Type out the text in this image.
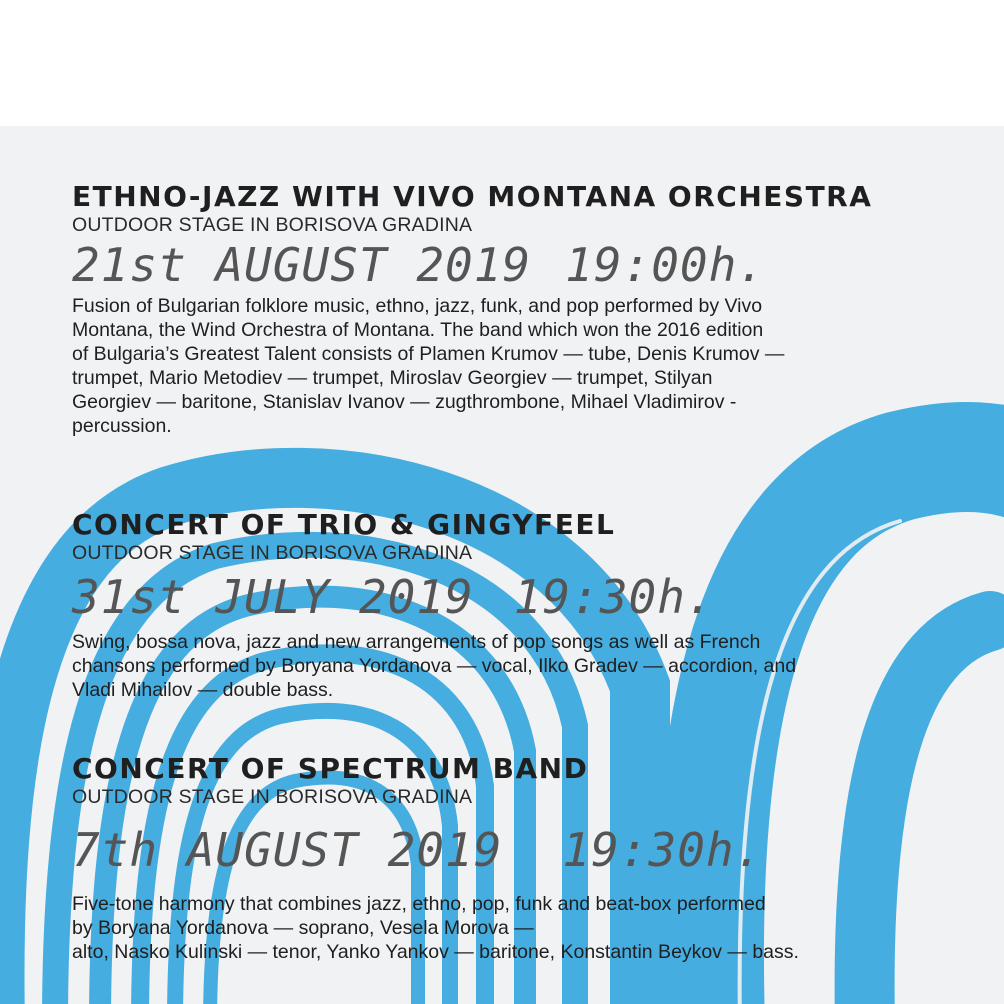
ETHNO-JAZZ WITH VIVO MONTANA ORCHESTRA
OUTDOOR STAGE IN BORISOVA GRADINA
21st AUGUST 2019 19:00h.
Fusion of Bulgarian folklore music, ethno, jazz, funk, and pop performed by Vivo
Montana, the Wind Orchestra of Montana. The band which won the 2016 edition
of Bulgaria’s Greatest Talent consists of Plamen Krumov — tube, Denis Krumov —
trumpet, Mario Metodiev — trumpet, Miroslav Georgiev — trumpet, Stilyan
Georgiev — baritone, Stanislav Ivanov — zugthrombone, Mihael Vladimirov -
percussion.
CONCERT OF TRIO & GINGYFEEL
OUTDOOR STAGE IN BORISOVA GRADINA
31st JULY 2019 19:30h.
Swing, bossa nova, jazz and new arrangements of pop songs as well as French
chansons performed by Boryana Yordanova — vocal, Ilko Gradev — accordion, and
Vladi Mihailov — double bass.
CONCERT OF SPECTRUM BAND
OUTDOOR STAGE IN BORISOVA GRADINA
7th AUGUST 2019 19:30h.
Five-tone harmony that combines jazz, ethno, pop, funk and beat-box performed
by Boryana Yordanova — soprano, Vesela Morova —
alto, Nasko Kulinski — tenor, Yanko Yankov — baritone, Konstantin Beykov — bass.
